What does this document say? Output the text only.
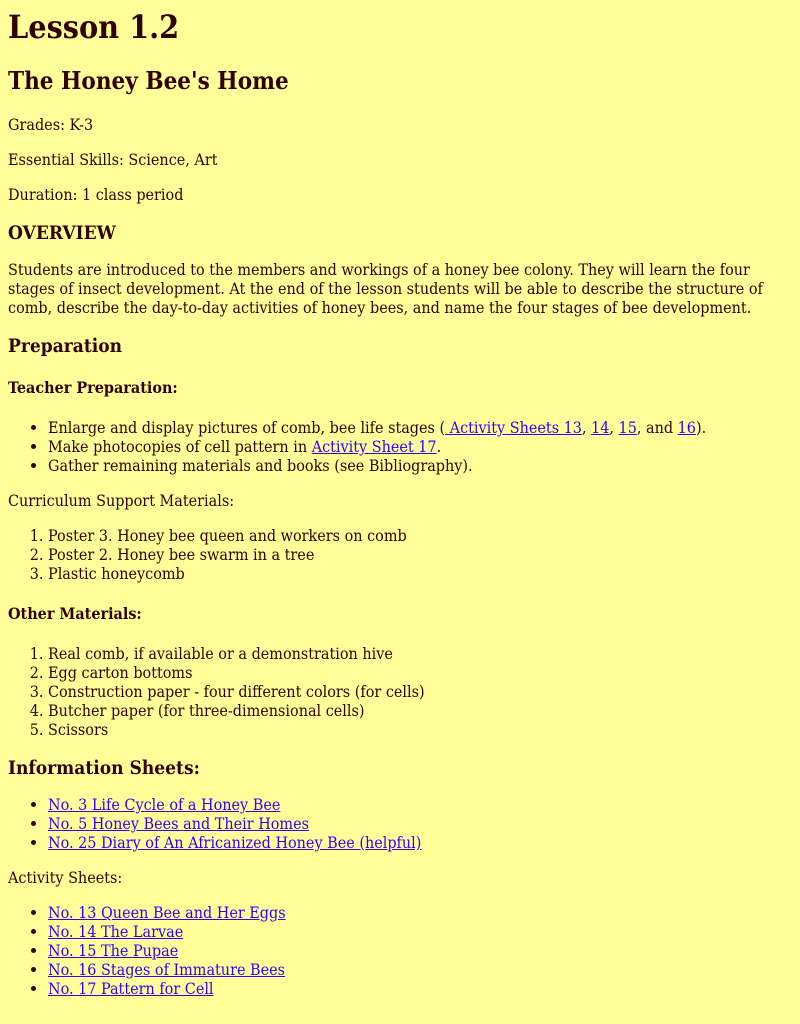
Lesson 1.2
The Honey Bee's Home

Grades: K-3

Essential Skills: Science, Art

Duration: 1 class period

OVERVIEW

Students are introduced to the members and workings of a honey bee colony. They will learn the four stages of insect development. At the end of the lesson students will be able to describe the structure of comb, describe the day-to-day activities of honey bees, and name the four stages of bee development.

Preparation
Teacher Preparation:
• Enlarge and display pictures of comb, bee life stages ( Activity Sheets 13, 14, 15, and 16).
• Make photocopies of cell pattern in Activity Sheet 17.
• Gather remaining materials and books (see Bibliography).

Curriculum Support Materials:

1. Poster 3. Honey bee queen and workers on comb
2. Poster 2. Honey bee swarm in a tree
3. Plastic honeycomb
Other Materials:
1. Real comb, if available or a demonstration hive
2. Egg carton bottoms
3. Construction paper - four different colors (for cells)
4. Butcher paper (for three-dimensional cells)
5. Scissors
Information Sheets:
• No. 3 Life Cycle of a Honey Bee
• No. 5 Honey Bees and Their Homes
• No. 25 Diary of An Africanized Honey Bee (helpful)

Activity Sheets:

• No. 13 Queen Bee and Her Eggs
• No. 14 The Larvae
• No. 15 The Pupae
• No. 16 Stages of Immature Bees
• No. 17 Pattern for Cell
